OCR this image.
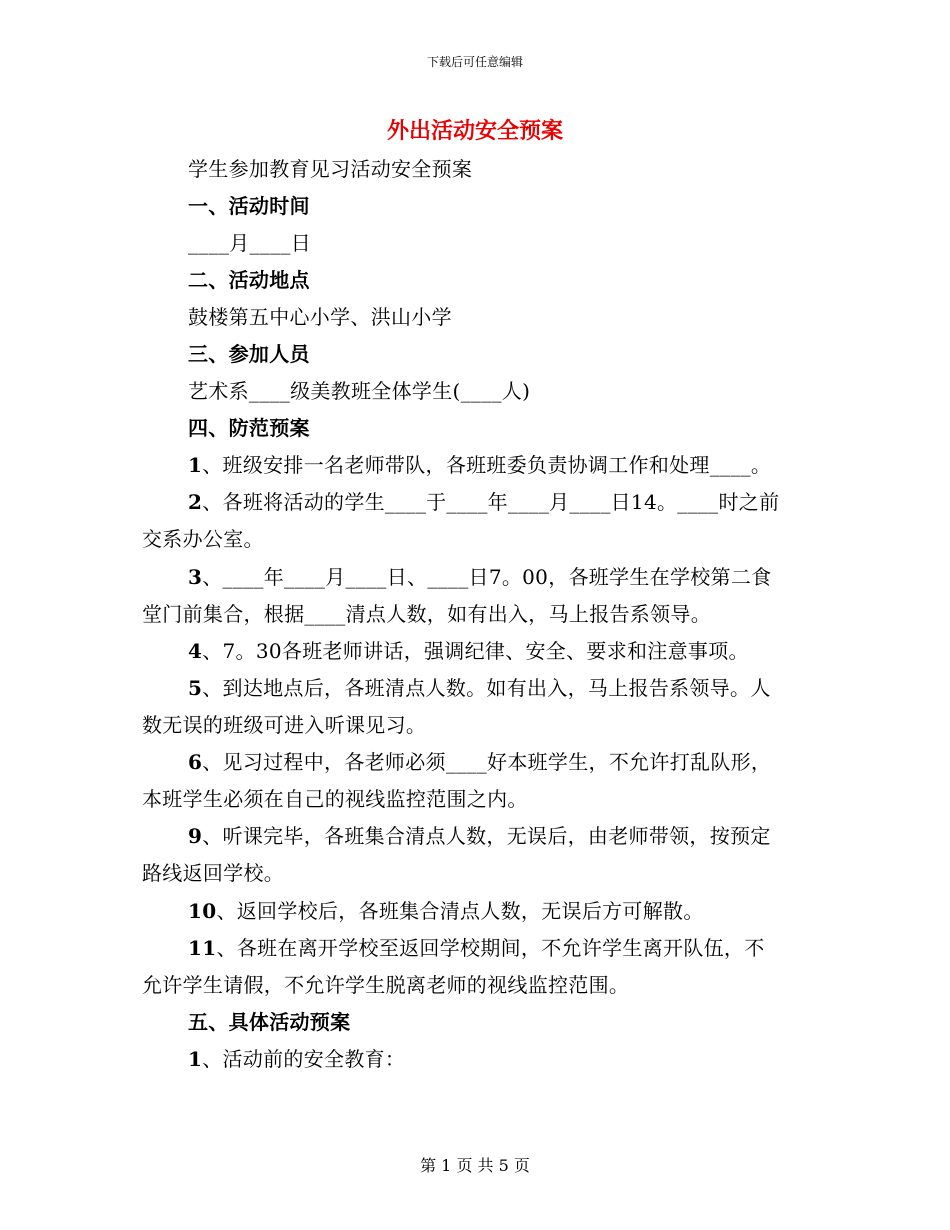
下载后可任意编辑
外出活动安全预案
学生参加教育见习活动安全预案
一、活动时间
____月____日
二、活动地点
鼓楼第五中心小学、洪山小学
三、参加人员
艺术系____级美教班全体学生(____人)
四、防范预案
1、班级安排一名老师带队，各班班委负责协调工作和处理____。
2、各班将活动的学生____于____年____月____日14。____时之前
交系办公室。
3、____年____月____日、____日7。00，各班学生在学校第二食
堂门前集合，根据____清点人数，如有出入，马上报告系领导。
4、7。30各班老师讲话，强调纪律、安全、要求和注意事项。
5、到达地点后，各班清点人数。如有出入，马上报告系领导。人
数无误的班级可进入听课见习。
6、见习过程中，各老师必须____好本班学生，不允许打乱队形，
本班学生必须在自己的视线监控范围之内。
9、听课完毕，各班集合清点人数，无误后，由老师带领，按预定
路线返回学校。
10、返回学校后，各班集合清点人数，无误后方可解散。
11、各班在离开学校至返回学校期间，不允许学生离开队伍，不
允许学生请假，不允许学生脱离老师的视线监控范围。
五、具体活动预案
1、活动前的安全教育：
第 1 页 共 5 页
